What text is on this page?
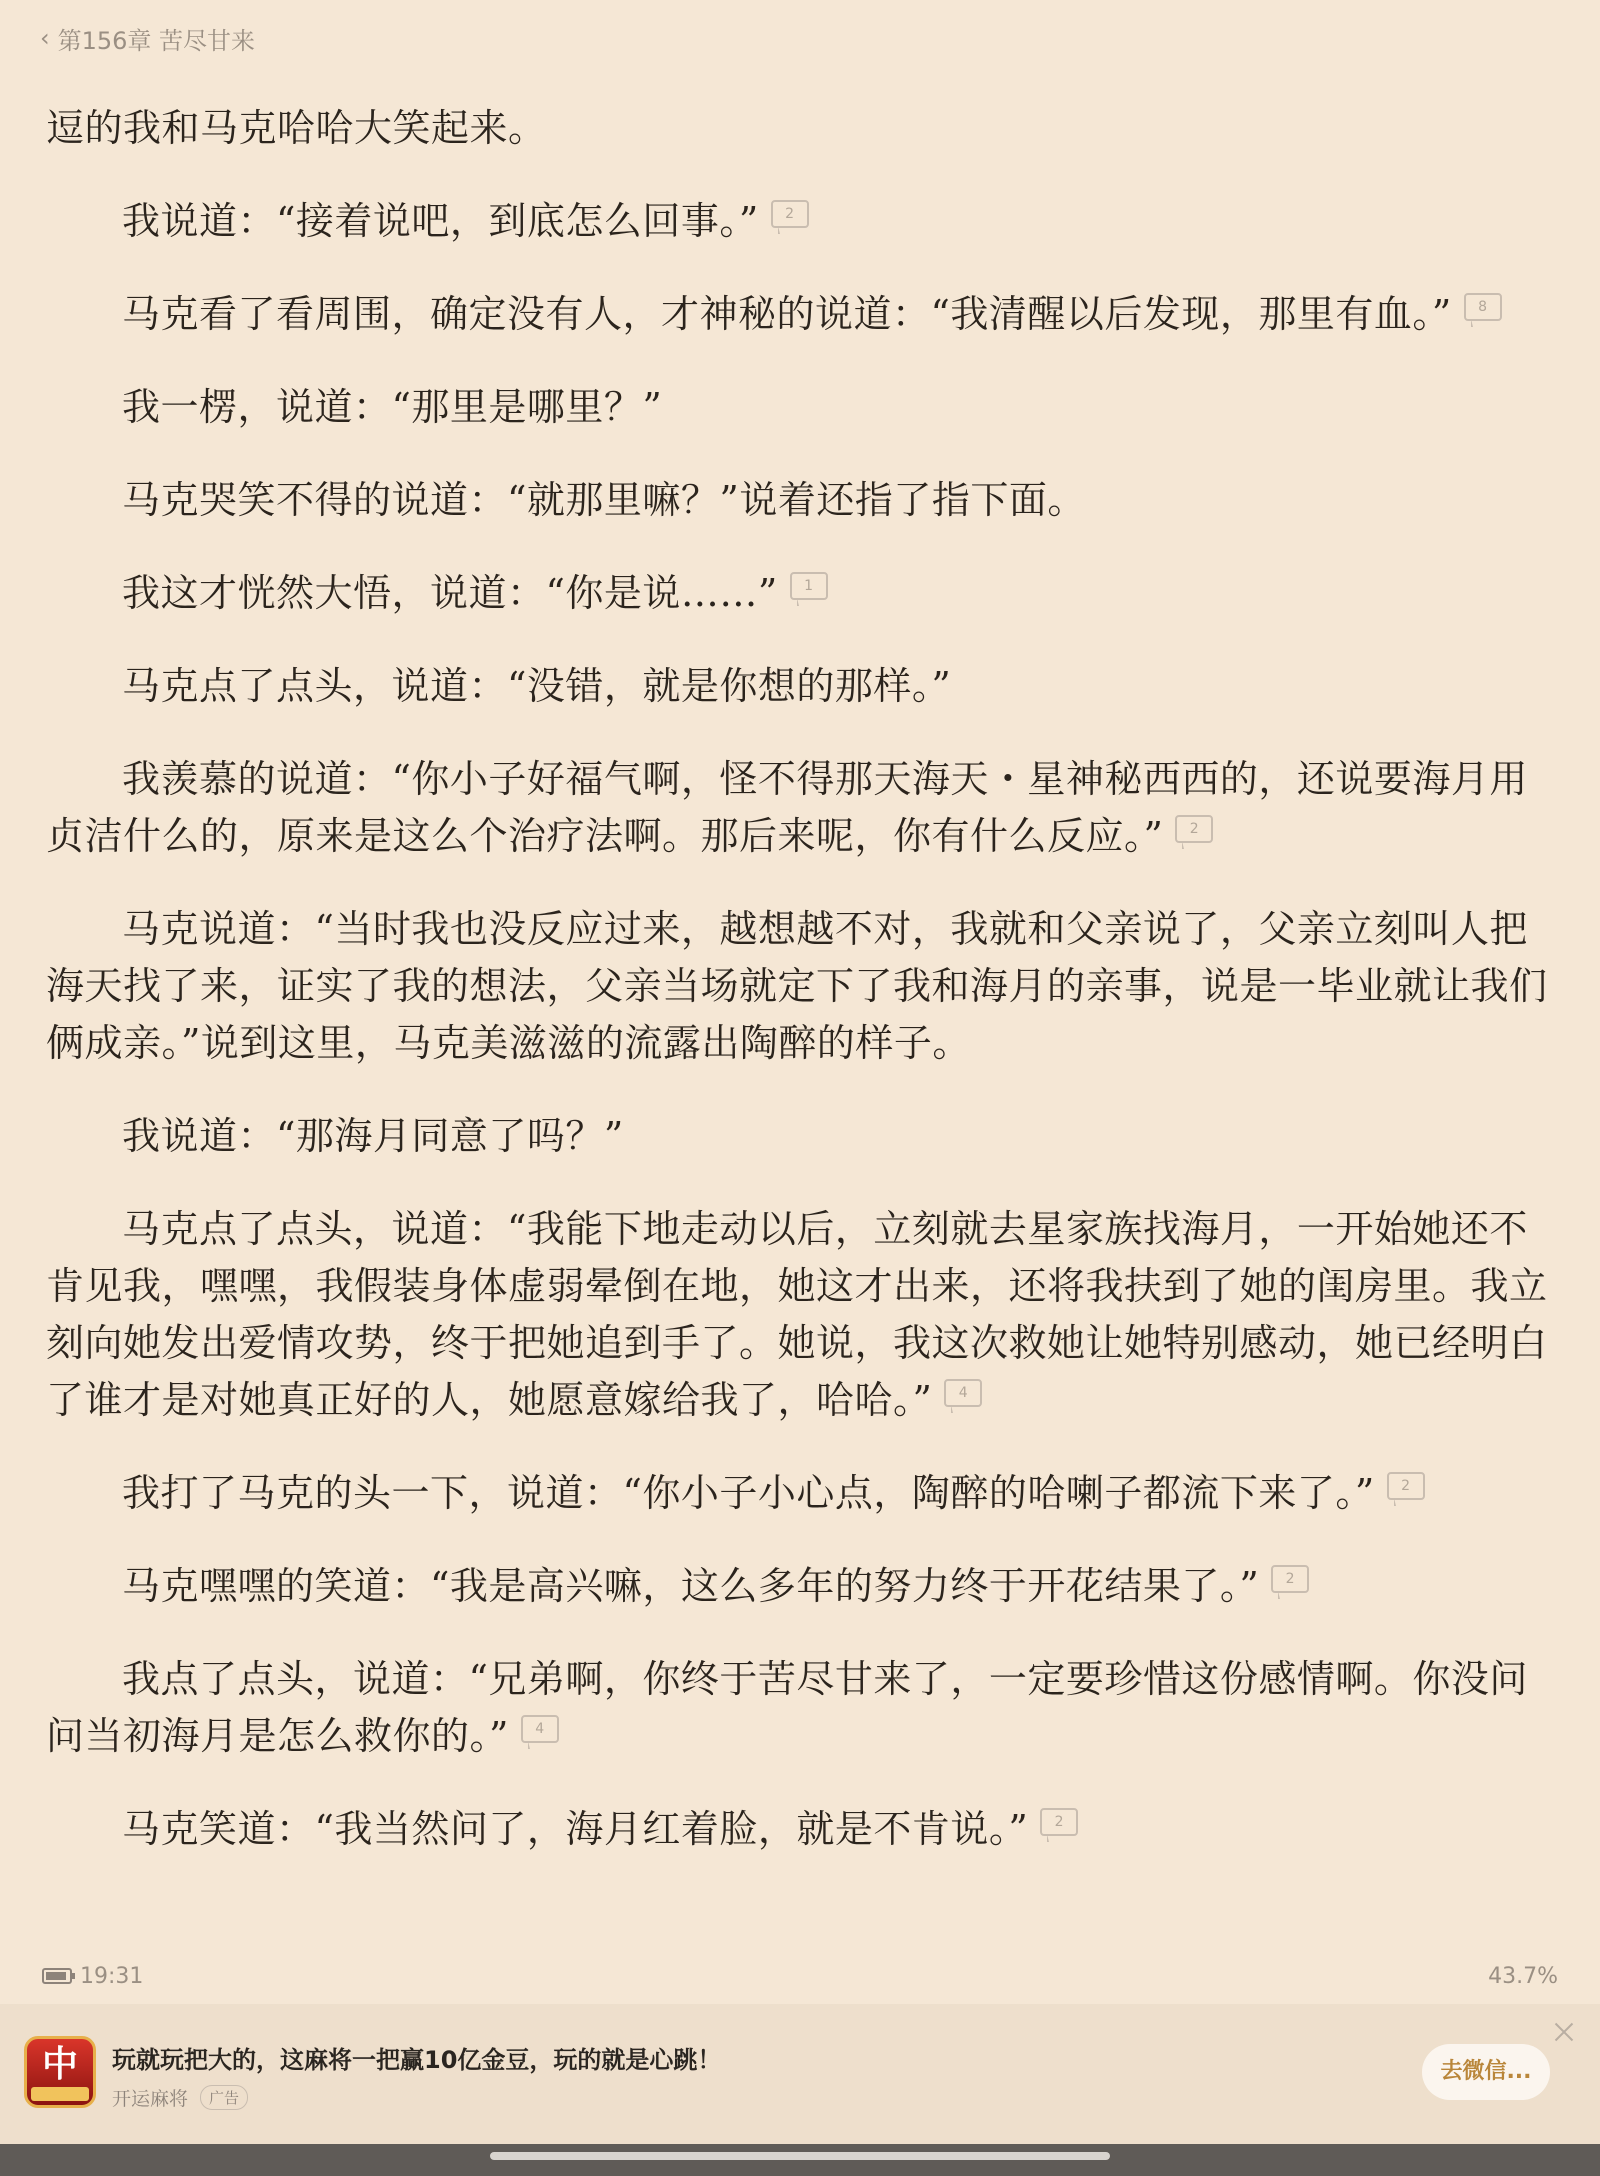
‹ 第156章 苦尽甘来

逗的我和马克哈哈大笑起来。

我说道：“接着说吧，到底怎么回事。”	2

马克看了看周围，确定没有人，才神秘的说道：“我清醒以后发现，那里有血。”	8

我一楞，说道：“那里是哪里？”

马克哭笑不得的说道：“就那里嘛？”说着还指了指下面。

我这才恍然大悟，说道：“你是说……”	1

马克点了点头，说道：“没错，就是你想的那样。”

我羡慕的说道：“你小子好福气啊，怪不得那天海天・星神秘西西的，还说要海月用贞洁什么的，原来是这么个治疗法啊。那后来呢，你有什么反应。”	2

马克说道：“当时我也没反应过来，越想越不对，我就和父亲说了，父亲立刻叫人把海天找了来，证实了我的想法，父亲当场就定下了我和海月的亲事，说是一毕业就让我们俩成亲。”说到这里，马克美滋滋的流露出陶醉的样子。

我说道：“那海月同意了吗？”

马克点了点头，说道：“我能下地走动以后，立刻就去星家族找海月，一开始她还不肯见我，嘿嘿，我假装身体虚弱晕倒在地，她这才出来，还将我扶到了她的闺房里。我立刻向她发出爱情攻势，终于把她追到手了。她说，我这次救她让她特别感动，她已经明白了谁才是对她真正好的人，她愿意嫁给我了，哈哈。”	4

我打了马克的头一下，说道：“你小子小心点，陶醉的哈喇子都流下来了。”	2

马克嘿嘿的笑道：“我是高兴嘛，这么多年的努力终于开花结果了。”	2

我点了点头，说道：“兄弟啊，你终于苦尽甘来了，一定要珍惜这份感情啊。你没问问当初海月是怎么救你的。”	4

马克笑道：“我当然问了，海月红着脸，就是不肯说。”	2

19:31	43.7%
中	玩就玩把大的，这麻将一把赢10亿金豆，玩的就是心跳！
开运麻将	广告
去微信...
